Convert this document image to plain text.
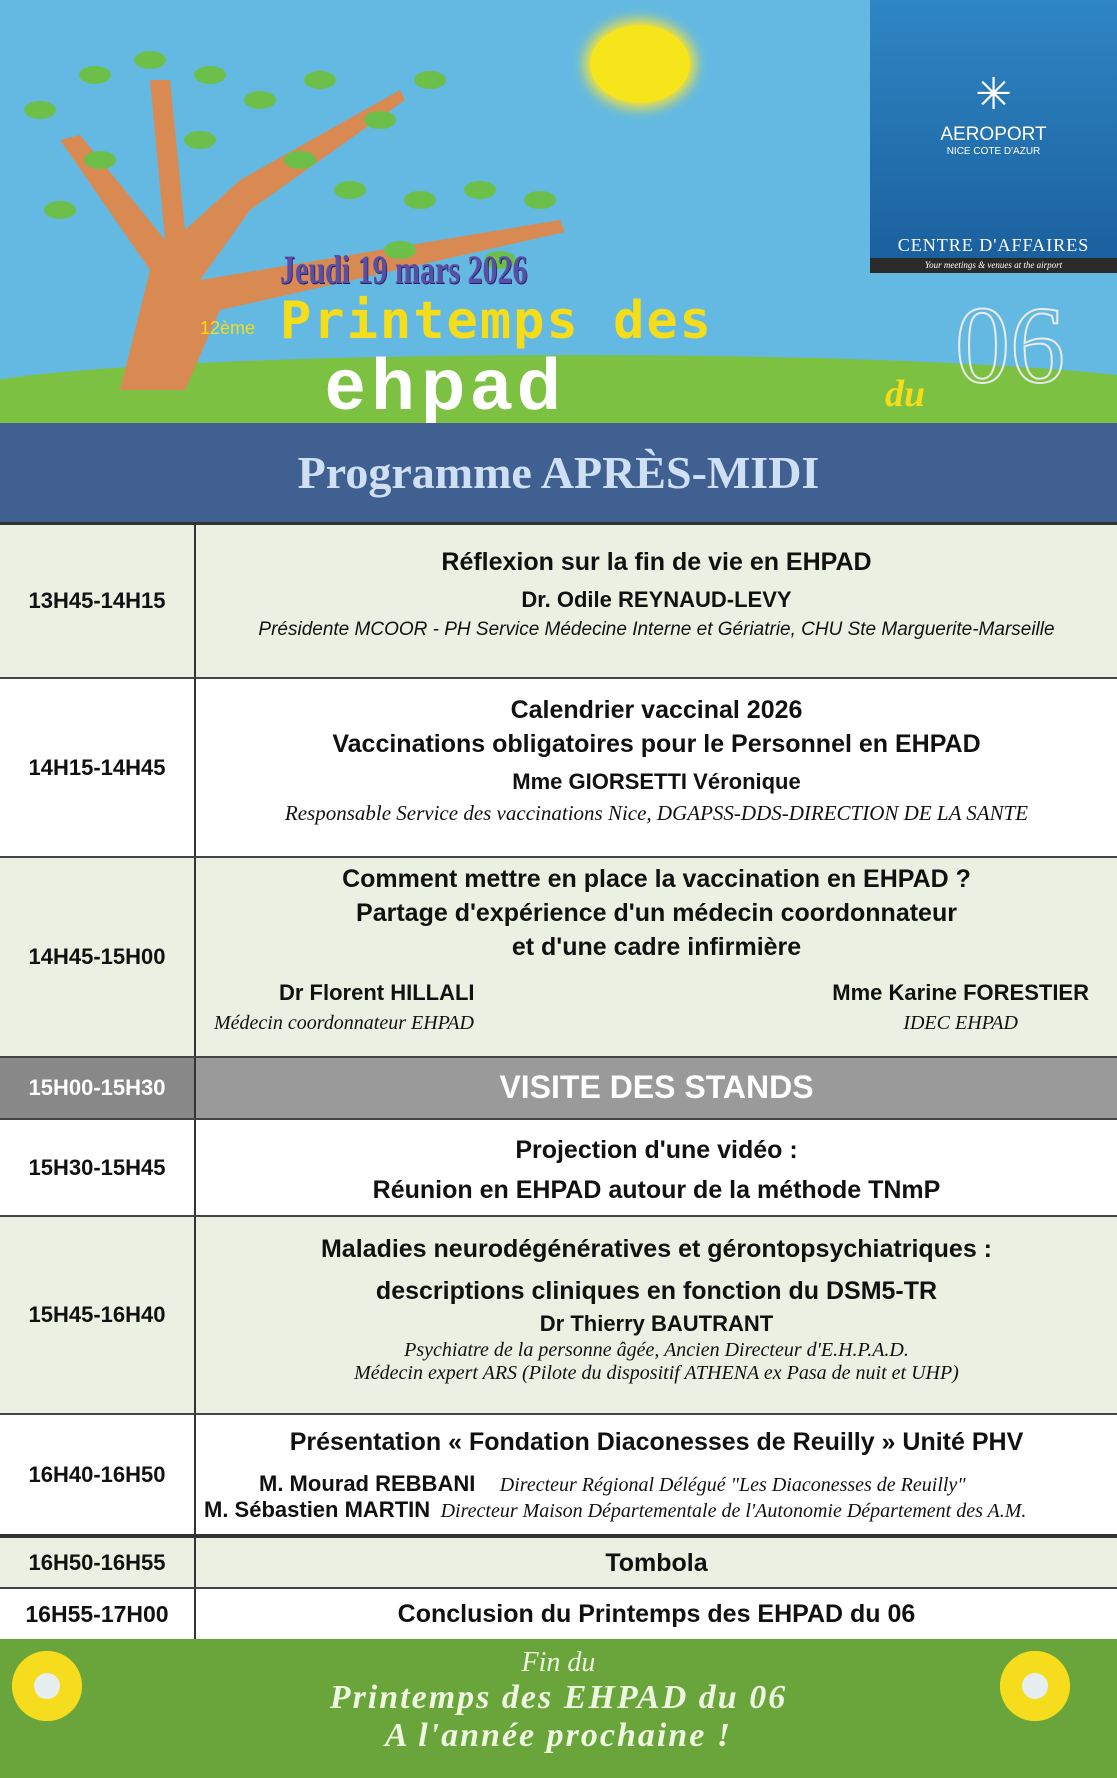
✳
AEROPORT
NICE COTE D'AZUR
CENTRE D'AFFAIRES
Your meetings & venues at the airport
Jeudi 19 mars 2026
12ème Printemps des
ehpad	du 06
Programme APRÈS-MIDI
13H45-14H15
Réflexion sur la fin de vie en EHPAD
Dr. Odile REYNAUD-LEVY
Présidente MCOOR - PH Service Médecine Interne et Gériatrie, CHU Ste Marguerite-Marseille
14H15-14H45
Calendrier vaccinal 2026
Vaccinations obligatoires pour le Personnel en EHPAD
Mme GIORSETTI Véronique
Responsable Service des vaccinations Nice, DGAPSS-DDS-DIRECTION DE LA SANTE
14H45-15H00
Comment mettre en place la vaccination en EHPAD ?
Partage d'expérience d'un médecin coordonnateur
et d'une cadre infirmière
Dr Florent HILLALI
Médecin coordonnateur EHPAD
Mme Karine FORESTIER
IDEC EHPAD
15H00-15H30	VISITE DES STANDS
15H30-15H45
Projection d'une vidéo :
Réunion en EHPAD autour de la méthode TNmP
15H45-16H40
Maladies neurodégénératives et gérontopsychiatriques :
descriptions cliniques en fonction du DSM5-TR
Dr Thierry BAUTRANT
Psychiatre de la personne âgée, Ancien Directeur d'E.H.P.A.D.
Médecin expert ARS (Pilote du dispositif ATHENA ex Pasa de nuit et UHP)
16H40-16H50
Présentation « Fondation Diaconesses de Reuilly » Unité PHV
M. Mourad REBBANI Directeur Régional Délégué "Les Diaconesses de Reuilly"
M. Sébastien MARTIN Directeur Maison Départementale de l'Autonomie Département des A.M.
16H50-16H55	Tombola
16H55-17H00	Conclusion du Printemps des EHPAD du 06
Fin du
Printemps des EHPAD du 06
A l'année prochaine !
